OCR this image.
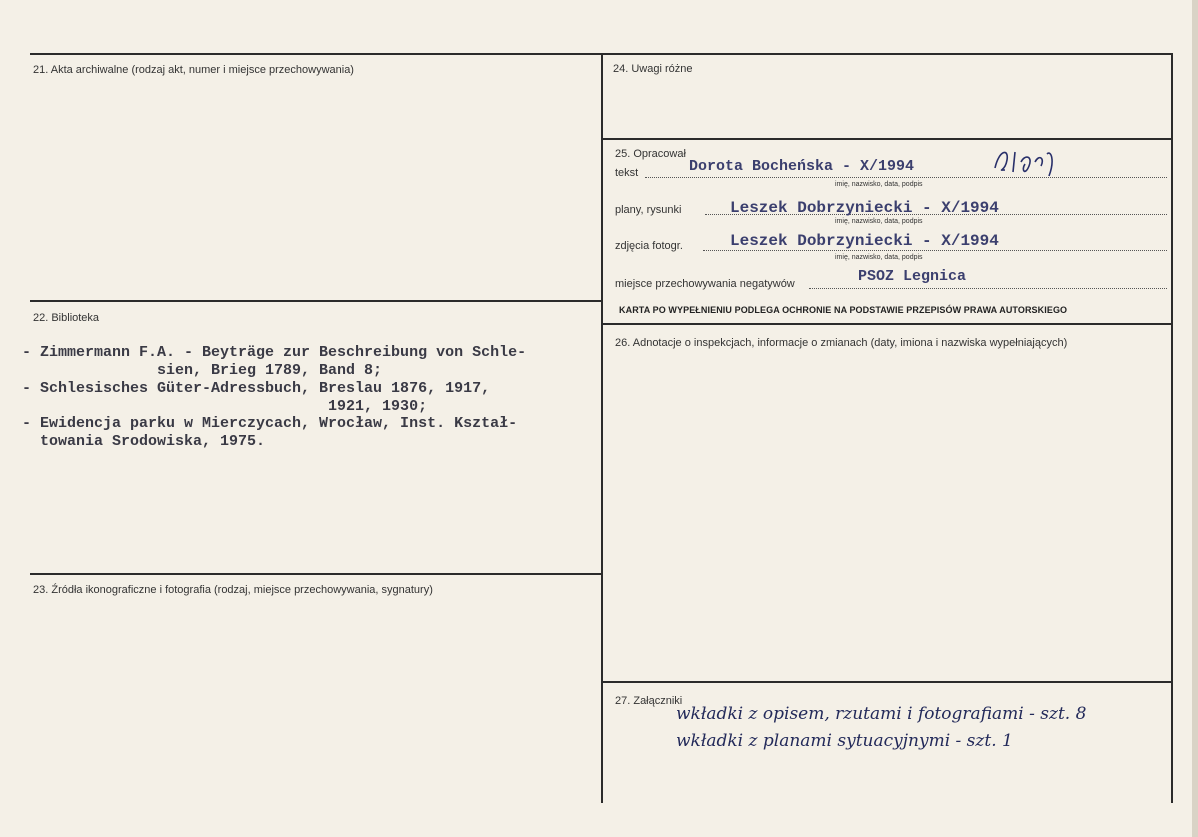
21. Akta archiwalne (rodzaj akt, numer i miejsce przechowywania)
22. Biblioteka
- Zimmermann F.A. - Beyträge zur Beschreibung von Schle-
sien, Brieg 1789, Band 8;
- Schlesisches Güter-Adressbuch, Breslau 1876, 1917,
1921, 1930;
- Ewidencja parku w Mierczycach, Wrocław, Inst. Kształ-
towania Srodowiska, 1975.
23. Źródła ikonograficzne i fotografia (rodzaj, miejsce przechowywania, sygnatury)
24. Uwagi różne
25. Opracował
tekst	Dorota Bocheńska - X/1994
imię, nazwisko, data, podpis
plany, rysunki	Leszek Dobrzyniecki - X/1994
imię, nazwisko, data, podpis
zdjęcia fotogr.	Leszek Dobrzyniecki - X/1994
imię, nazwisko, data, podpis
miejsce przechowywania negatywów	PSOZ Legnica
KARTA PO WYPEŁNIENIU PODLEGA OCHRONIE NA PODSTAWIE PRZEPISÓW PRAWA AUTORSKIEGO
26. Adnotacje o inspekcjach, informacje o zmianach (daty, imiona i nazwiska wypełniających)
27. Załączniki
wkładki z opisem, rzutami i fotografiami - szt. 8
wkładki z planami sytuacyjnymi - szt. 1
